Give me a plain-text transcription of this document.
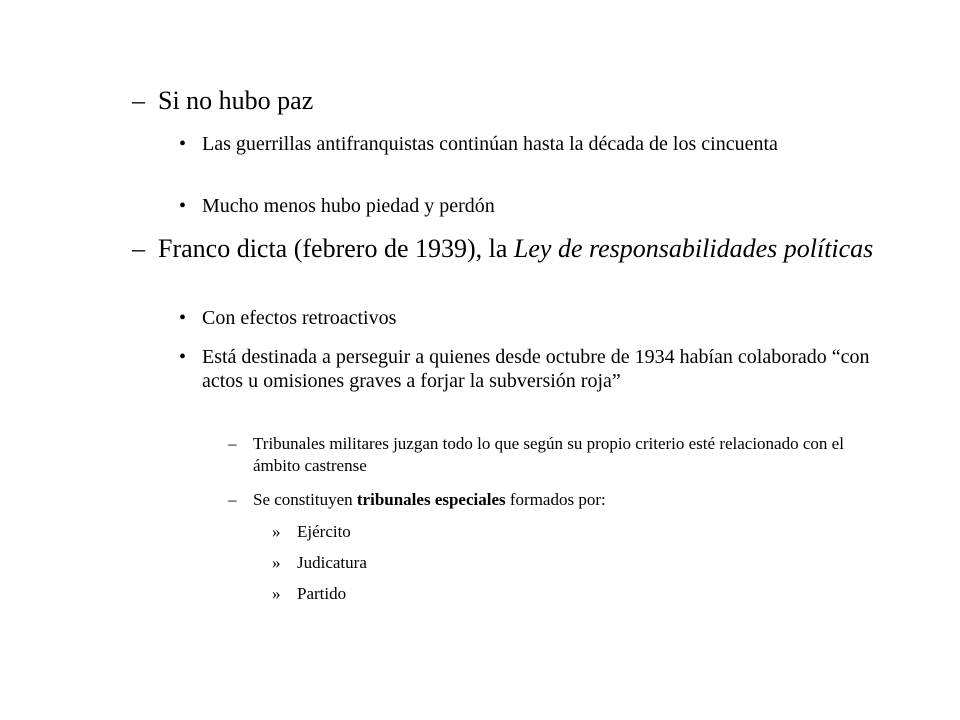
– Si no hubo paz
• Las guerrillas antifranquistas continúan hasta la década de los cincuenta
• Mucho menos hubo piedad y perdón
– Franco dicta (febrero de 1939), la Ley de responsabilidades políticas
• Con efectos retroactivos
• Está destinada a perseguir a quienes desde octubre de 1934 habían colaborado “con actos u omisiones graves a forjar la subversión roja”
– Tribunales militares juzgan todo lo que según su propio criterio esté relacionado con el ámbito castrense
– Se constituyen tribunales especiales formados por:
» Ejército
» Judicatura
» Partido
